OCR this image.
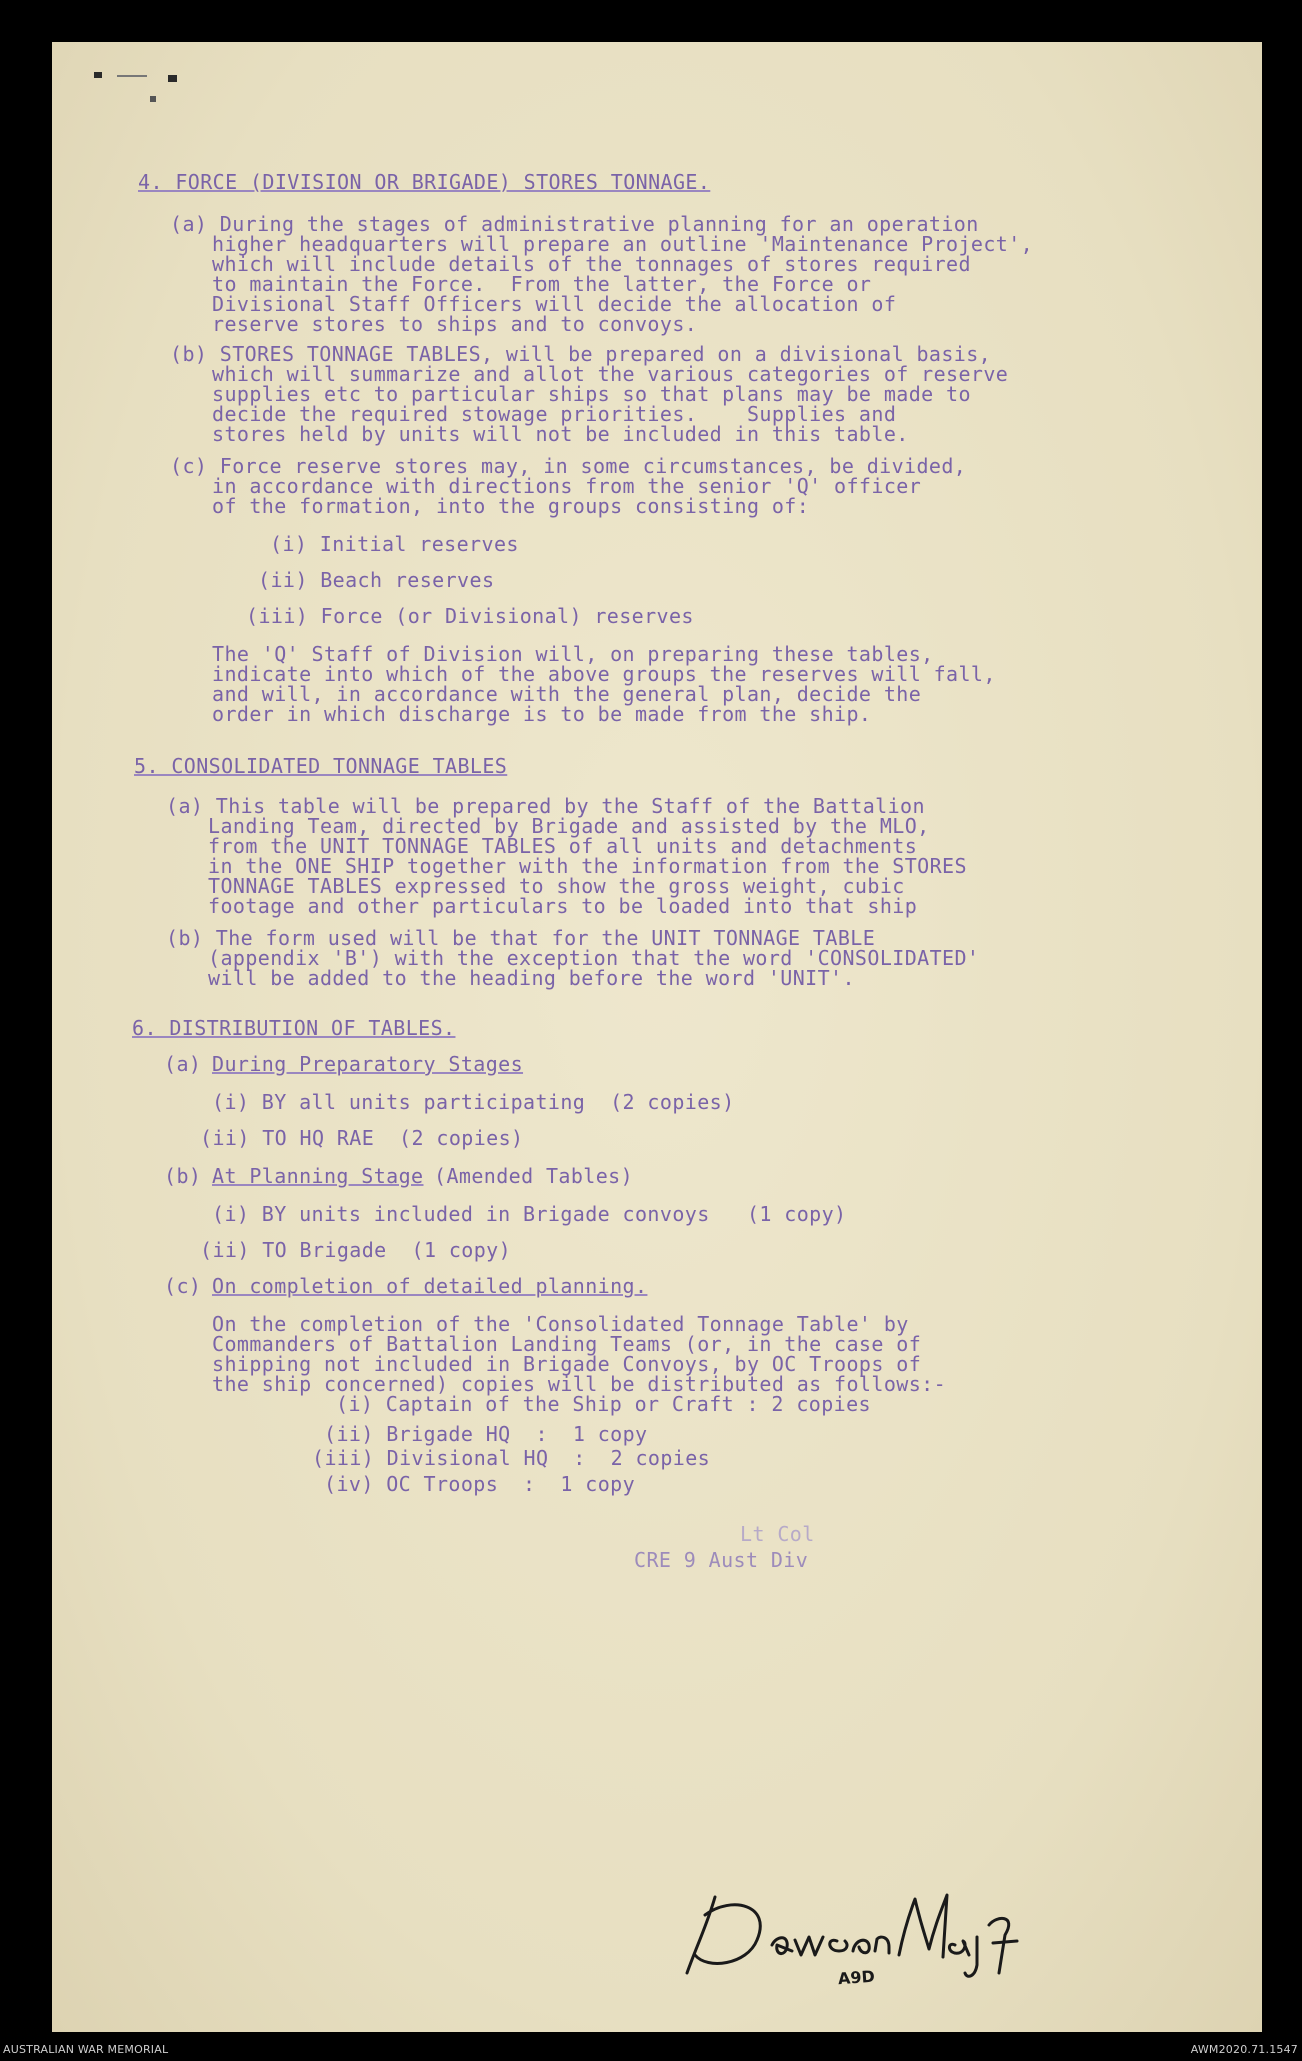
4. FORCE (DIVISION OR BRIGADE) STORES TONNAGE.
(a) During the stages of administrative planning for an operation
higher headquarters will prepare an outline 'Maintenance Project',
which will include details of the tonnages of stores required
to maintain the Force.  From the latter, the Force or
Divisional Staff Officers will decide the allocation of
reserve stores to ships and to convoys.
(b) STORES TONNAGE TABLES, will be prepared on a divisional basis,
which will summarize and allot the various categories of reserve
supplies etc to particular ships so that plans may be made to
decide the required stowage priorities.    Supplies and
stores held by units will not be included in this table.
(c) Force reserve stores may, in some circumstances, be divided,
in accordance with directions from the senior 'Q' officer
of the formation, into the groups consisting of:
(i) Initial reserves
(ii) Beach reserves
(iii) Force (or Divisional) reserves
The 'Q' Staff of Division will, on preparing these tables,
indicate into which of the above groups the reserves will fall,
and will, in accordance with the general plan, decide the
order in which discharge is to be made from the ship.
5. CONSOLIDATED TONNAGE TABLES
(a) This table will be prepared by the Staff of the Battalion
Landing Team, directed by Brigade and assisted by the MLO,
from the UNIT TONNAGE TABLES of all units and detachments
in the ONE SHIP together with the information from the STORES
TONNAGE TABLES expressed to show the gross weight, cubic
footage and other particulars to be loaded into that ship
(b) The form used will be that for the UNIT TONNAGE TABLE
(appendix 'B') with the exception that the word 'CONSOLIDATED'
will be added to the heading before the word 'UNIT'.
6. DISTRIBUTION OF TABLES.
(a) During Preparatory Stages
(i) BY all units participating  (2 copies)
(ii) TO HQ RAE  (2 copies)
(b) At Planning Stage (Amended Tables)
(i) BY units included in Brigade convoys   (1 copy)
(ii) TO Brigade  (1 copy)
(c) On completion of detailed planning.
On the completion of the 'Consolidated Tonnage Table' by
Commanders of Battalion Landing Teams (or, in the case of
shipping not included in Brigade Convoys, by OC Troops of
the ship concerned) copies will be distributed as follows:-
(i) Captain of the Ship or Craft : 2 copies
(ii) Brigade HQ  :  1 copy
(iii) Divisional HQ  :  2 copies
(iv) OC Troops  :  1 copy
Lt Col
CRE 9 Aust Div
A9D
AUSTRALIAN WAR MEMORIAL	AWM2020.71.1547
